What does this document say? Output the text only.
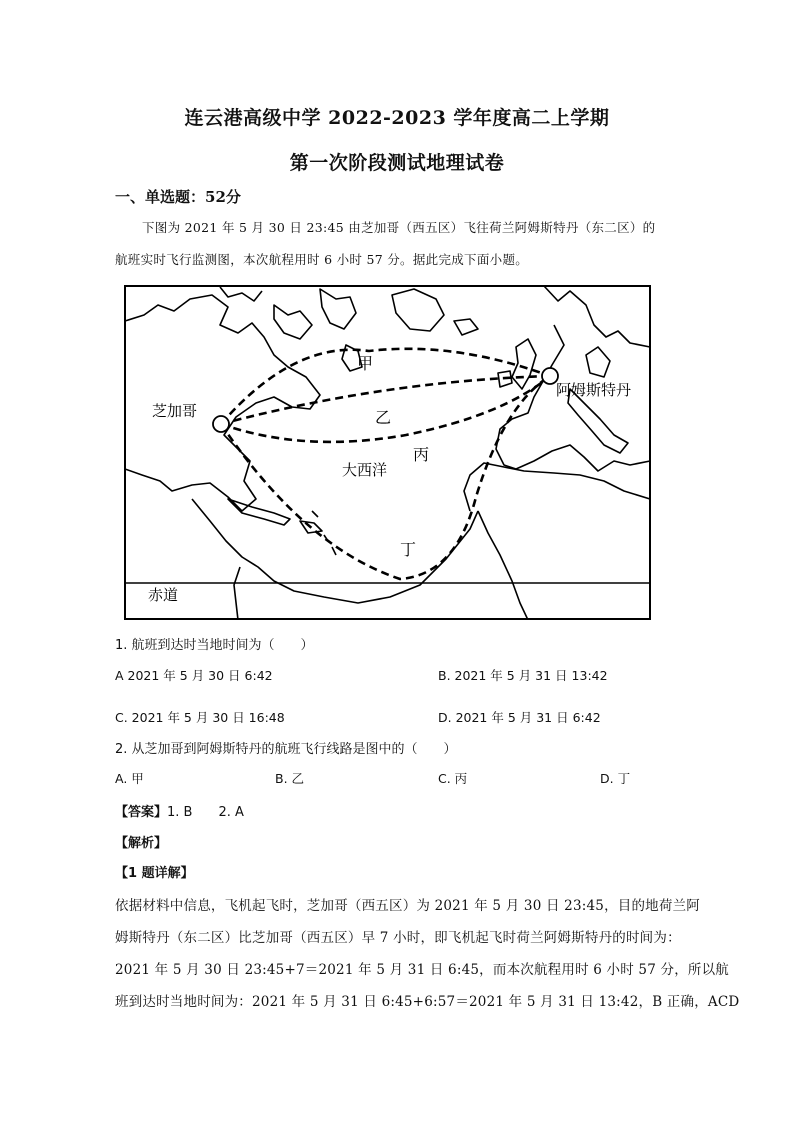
连云港高级中学 2022-2023 学年度高二上学期
第一次阶段测试地理试卷
一、单选题：52分
下图为 2021 年 5 月 30 日 23:45 由芝加哥（西五区）飞往荷兰阿姆斯特丹（东二区）的
航班实时飞行监测图，本次航程用时 6 小时 57 分。据此完成下面小题。
芝加哥
阿姆斯特丹
甲
乙
丙
丁
大西洋
赤道
1. 航班到达时当地时间为（　　）
A 2021 年 5 月 30 日 6:42	B. 2021 年 5 月 31 日 13:42
C. 2021 年 5 月 30 日 16:48	D. 2021 年 5 月 31 日 6:42
2. 从芝加哥到阿姆斯特丹的航班飞行线路是图中的（　　）
A. 甲	B. 乙	C. 丙	D. 丁
【答案】1. B　　2. A
【解析】
【1 题详解】
依据材料中信息，飞机起飞时，芝加哥（西五区）为 2021 年 5 月 30 日 23:45，目的地荷兰阿
姆斯特丹（东二区）比芝加哥（西五区）早 7 小时，即飞机起飞时荷兰阿姆斯特丹的时间为：
2021 年 5 月 30 日 23:45+7＝2021 年 5 月 31 日 6:45，而本次航程用时 6 小时 57 分，所以航
班到达时当地时间为：2021 年 5 月 31 日 6:45+6:57＝2021 年 5 月 31 日 13:42，B 正确，ACD
